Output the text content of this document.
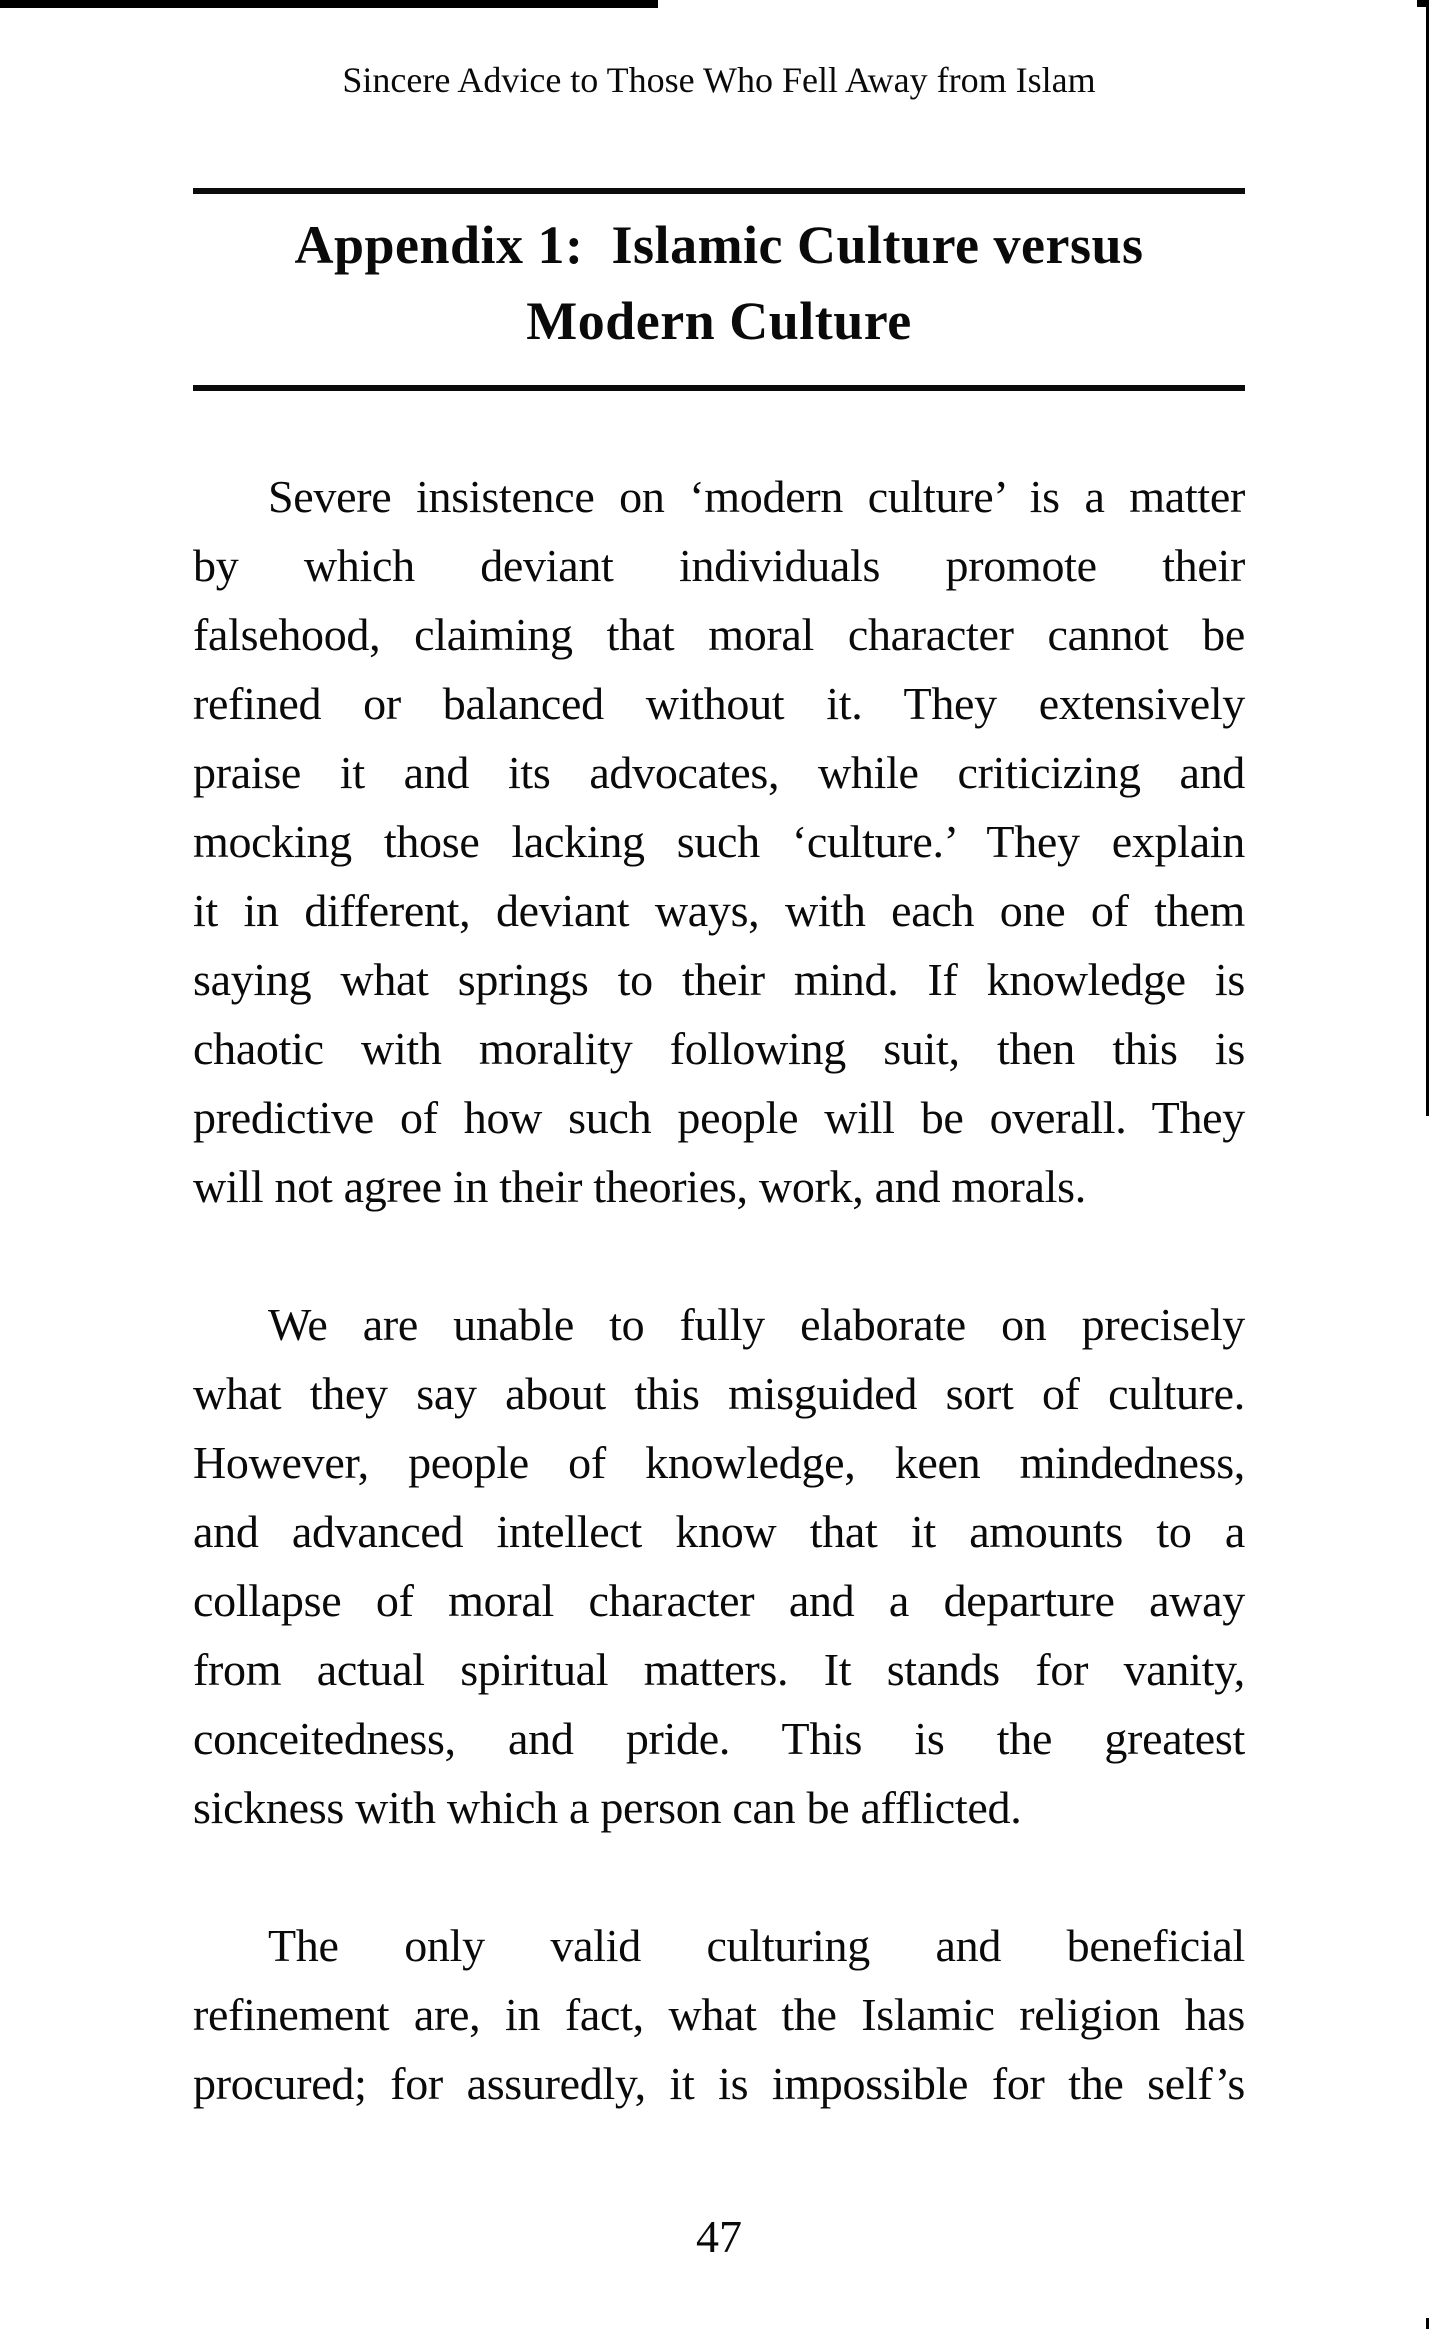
Sincere Advice to Those Who Fell Away from Islam
Appendix 1:  Islamic Culture versus
Modern Culture
Severe insistence on ‘modern culture’ is a matter
by which deviant individuals promote their
falsehood, claiming that moral character cannot be
refined or balanced without it. They extensively
praise it and its advocates, while criticizing and
mocking those lacking such ‘culture.’ They explain
it in different, deviant ways, with each one of them
saying what springs to their mind. If knowledge is
chaotic with morality following suit, then this is
predictive of how such people will be overall. They
will not agree in their theories, work, and morals.
We are unable to fully elaborate on precisely
what they say about this misguided sort of culture.
However, people of knowledge, keen mindedness,
and advanced intellect know that it amounts to a
collapse of moral character and a departure away
from actual spiritual matters. It stands for vanity,
conceitedness, and pride. This is the greatest
sickness with which a person can be afflicted.
The only valid culturing and beneficial
refinement are, in fact, what the Islamic religion has
procured; for assuredly, it is impossible for the self’s
47
